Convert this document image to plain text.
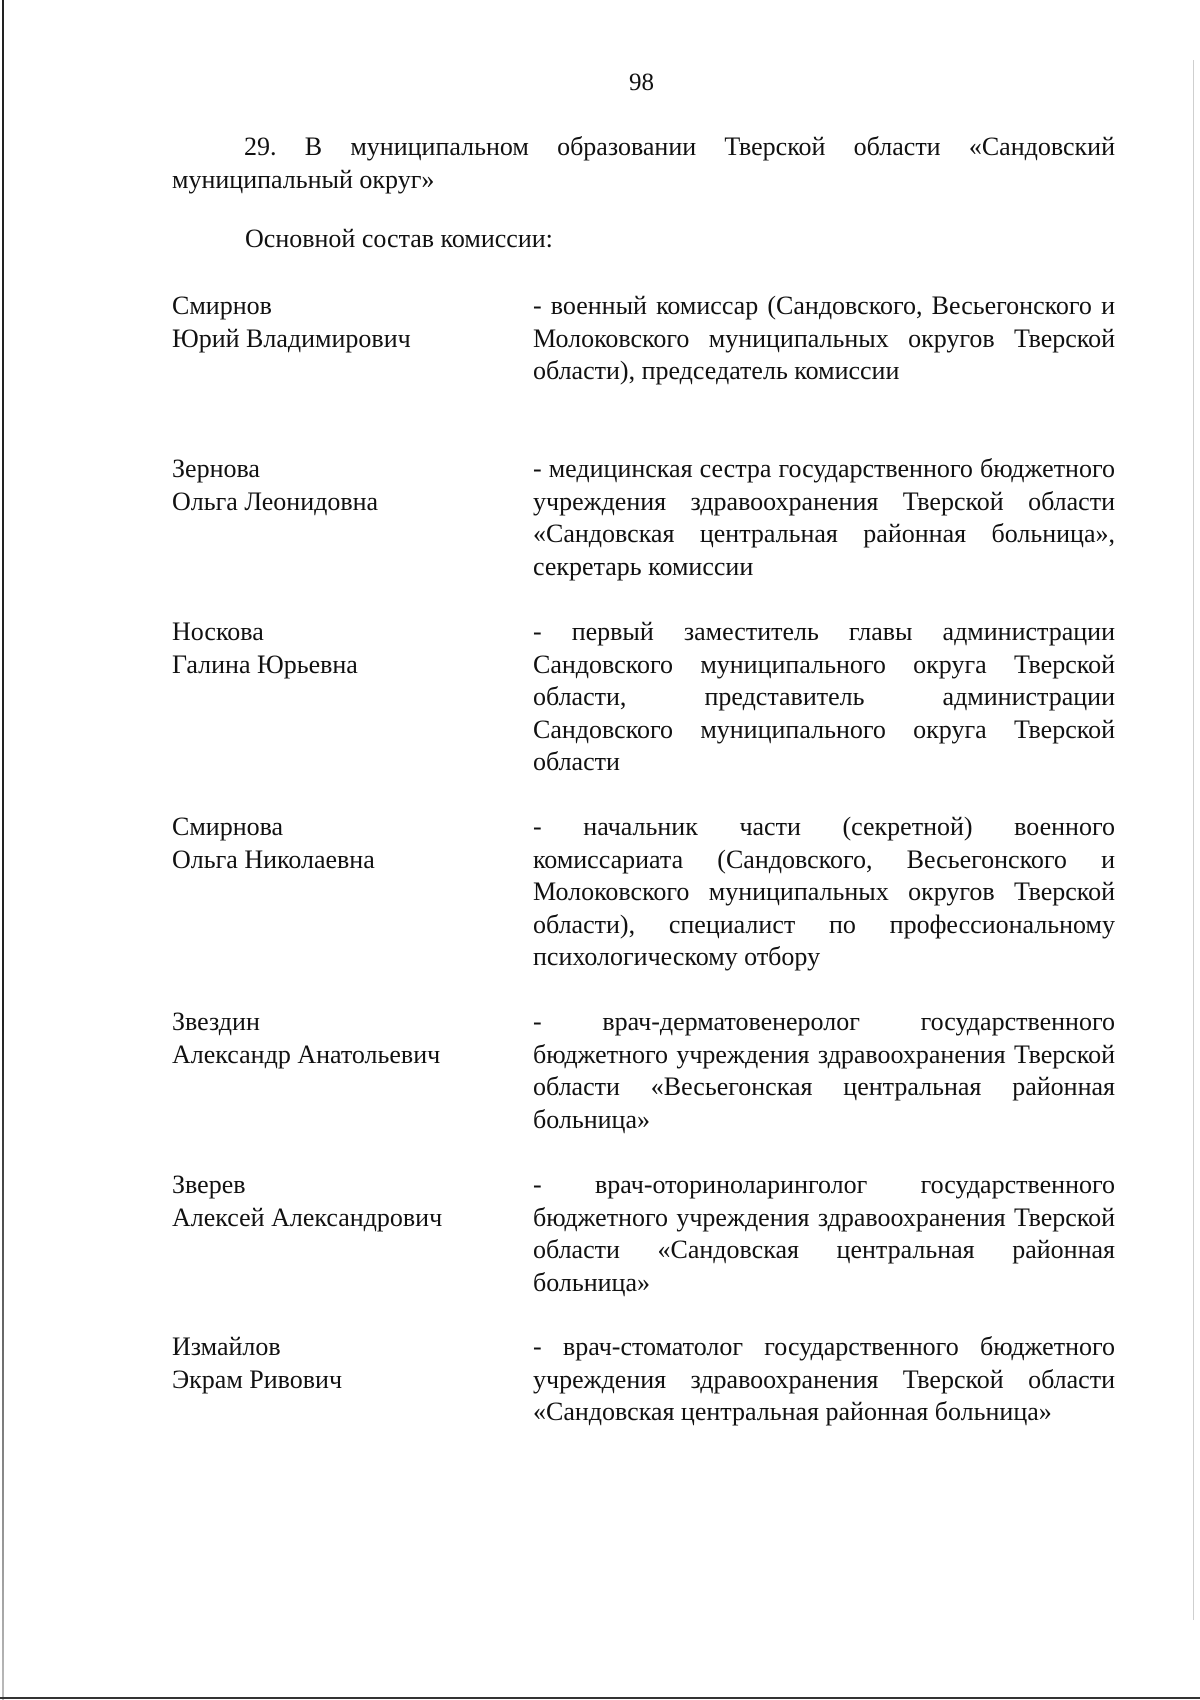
98

29. В муниципальном образовании Тверской области «Сандовский муниципальный округ»

Основной состав комиссии:

Смирнов
Юрий Владимирович

- военный комиссар (Сандовского, Весьегонского и Молоковского муниципальных округов Тверской области), председатель комиссии

Зернова
Ольга Леонидовна

- медицинская сестра государственного бюджетного учреждения здравоохранения Тверской области «Сандовская центральная районная больница», секретарь комиссии

Носкова
Галина Юрьевна

- первый заместитель главы администрации Сандовского муниципального округа Тверской области, представитель администрации Сандовского муниципального округа Тверской области

Смирнова
Ольга Николаевна

- начальник части (секретной) военного комиссариата (Сандовского, Весьегонского и Молоковского муниципальных округов Тверской области), специалист по профессиональному психологическому отбору

Звездин
Александр Анатольевич

- врач-дерматовенеролог государственного бюджетного учреждения здравоохранения Тверской области «Весьегонская центральная районная больница»

Зверев
Алексей Александрович

- врач-оториноларинголог государственного бюджетного учреждения здравоохранения Тверской области «Сандовская центральная районная больница»

Измайлов
Экрам Ривович

- врач-стоматолог государственного бюджетного учреждения здравоохранения Тверской области «Сандовская центральная районная больница»
